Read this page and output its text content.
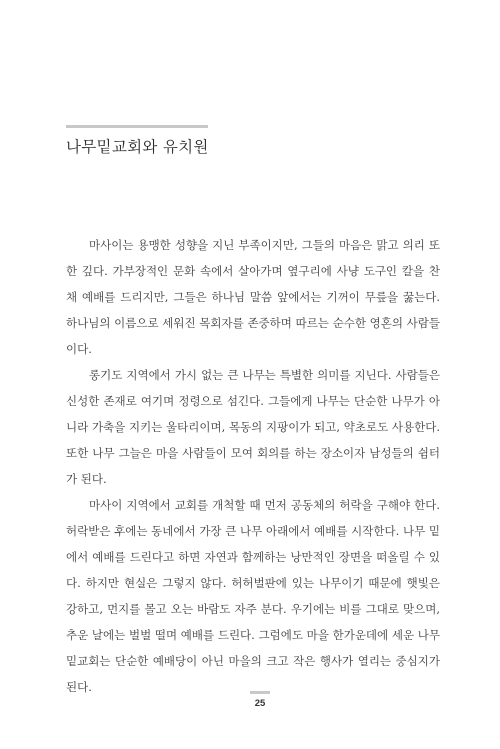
나무밑교회와 유치원

마사이는 용맹한 성향을 지닌 부족이지만, 그들의 마음은 맑고 의리 또한 깊다. 가부장적인 문화 속에서 살아가며 옆구리에 사냥 도구인 칼을 찬 채 예배를 드리지만, 그들은 하나님 말씀 앞에서는 기꺼이 무릎을 꿇는다. 하나님의 이름으로 세워진 목회자를 존중하며 따르는 순수한 영혼의 사람들이다.

롱기도 지역에서 가시 없는 큰 나무는 특별한 의미를 지닌다. 사람들은 신성한 존재로 여기며 정령으로 섬긴다. 그들에게 나무는 단순한 나무가 아니라 가축을 지키는 울타리이며, 목동의 지팡이가 되고, 약초로도 사용한다. 또한 나무 그늘은 마을 사람들이 모여 회의를 하는 장소이자 남성들의 쉼터가 된다.

마사이 지역에서 교회를 개척할 때 먼저 공동체의 허락을 구해야 한다. 허락받은 후에는 동네에서 가장 큰 나무 아래에서 예배를 시작한다. 나무 밑에서 예배를 드린다고 하면 자연과 함께하는 낭만적인 장면을 떠올릴 수 있다. 하지만 현실은 그렇지 않다. 허허벌판에 있는 나무이기 때문에 햇빛은 강하고, 먼지를 몰고 오는 바람도 자주 분다. 우기에는 비를 그대로 맞으며, 추운 날에는 벌벌 떨며 예배를 드린다. 그럼에도 마을 한가운데에 세운 나무밑교회는 단순한 예배당이 아닌 마을의 크고 작은 행사가 열리는 중심지가 된다.

25
